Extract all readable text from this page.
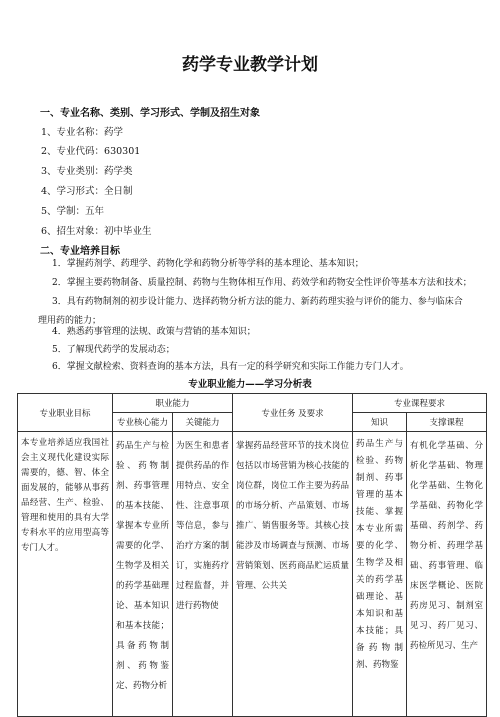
药学专业教学计划
一、专业名称、类别、学习形式、学制及招生对象
1、专业名称：药学
2、专业代码：630301
3、专业类别：药学类
4、学习形式：全日制
5、学制：五年
6、招生对象：初中毕业生
二、专业培养目标
1．掌握药剂学、药理学、药物化学和药物分析等学科的基本理论、基本知识；
2．掌握主要药物制备、质量控制、药物与生物体相互作用、药效学和药物安全性评价等基本方法和技术；
3．具有药物制剂的初步设计能力、选择药物分析方法的能力、新药药理实验与评价的能力、参与临床合理用药的能力；
4．熟悉药事管理的法规、政策与营销的基本知识；
5．了解现代药学的发展动态；
6．掌握文献检索、资料查询的基本方法，具有一定的科学研究和实际工作能力专门人才。
专业职业能力——学习分析表
专业职业目标	职业能力		专业任务 及要求	专业课程要求	
	专业核心能力	关键能力		知识	支撑课程
本专业培养适应我国社会主义现代化建设实际需要的，德、智、体全面发展的，能够从事药品经营、生产、检验、管理和使用的具有大学专科水平的应用型高等专门人才。	药品生产与检验、药物制剂、药事管理的基本技能、掌握本专业所需要的化学、生物学及相关的药学基础理论、基本知识和基本技能；具备药物制剂、药物鉴定、药物分析	为医生和患者提供药品的作用特点、安全性、注意事项等信息，参与治疗方案的制订，实施药疗过程监督，并进行药物使	掌握药品经营环节的技术岗位包括以市场营销为核心技能的岗位群，岗位工作主要为药品的市场分析、产品策划、市场推广、销售服务等。其核心技能涉及市场调查与预测、市场营销策划、医药商品贮运质量管理、公共关	药品生产与检验、药物制剂、药事管理的基本技能、掌握本专业所需要的化学、生物学及相关的药学基础理论、基本知识和基本技能；具备药物制剂、药物鉴	有机化学基础、分析化学基础、物理化学基础、生物化学基础、药物化学基础、药剂学、药物分析、药理学基础、药事管理、临床医学概论、医院药房见习、制剂室见习、药厂见习、药检所见习、生产
